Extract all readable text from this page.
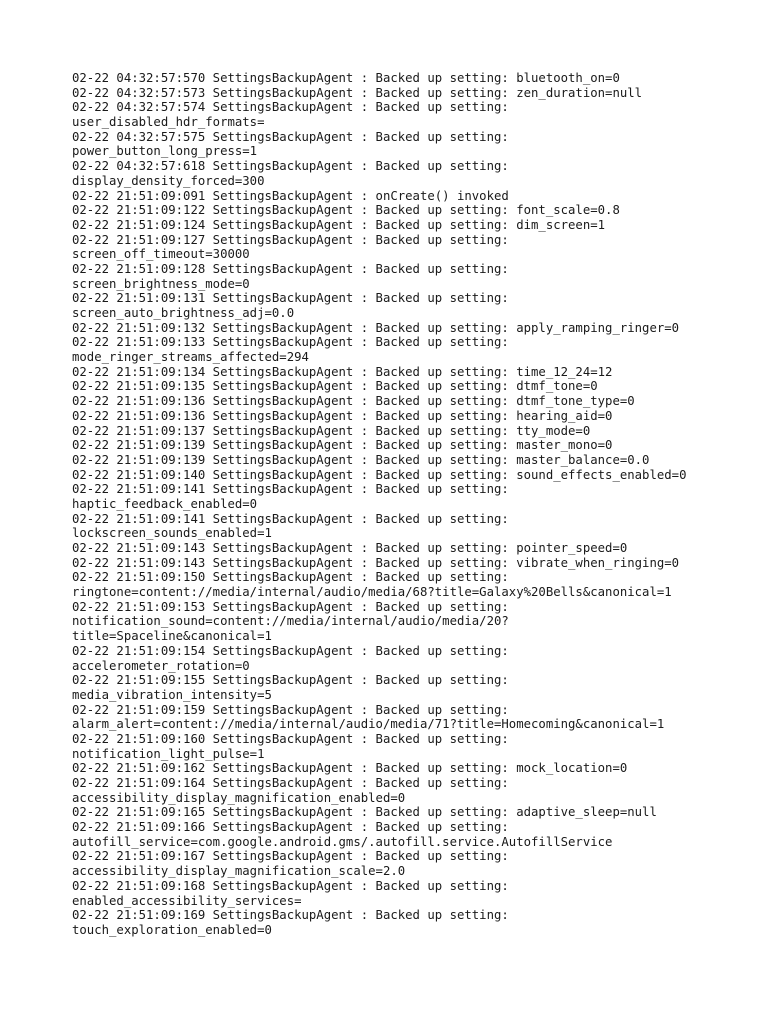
02-22 04:32:57:570 SettingsBackupAgent : Backed up setting: bluetooth_on=0
02-22 04:32:57:573 SettingsBackupAgent : Backed up setting: zen_duration=null
02-22 04:32:57:574 SettingsBackupAgent : Backed up setting:
user_disabled_hdr_formats=
02-22 04:32:57:575 SettingsBackupAgent : Backed up setting:
power_button_long_press=1
02-22 04:32:57:618 SettingsBackupAgent : Backed up setting:
display_density_forced=300
02-22 21:51:09:091 SettingsBackupAgent : onCreate() invoked
02-22 21:51:09:122 SettingsBackupAgent : Backed up setting: font_scale=0.8
02-22 21:51:09:124 SettingsBackupAgent : Backed up setting: dim_screen=1
02-22 21:51:09:127 SettingsBackupAgent : Backed up setting:
screen_off_timeout=30000
02-22 21:51:09:128 SettingsBackupAgent : Backed up setting:
screen_brightness_mode=0
02-22 21:51:09:131 SettingsBackupAgent : Backed up setting:
screen_auto_brightness_adj=0.0
02-22 21:51:09:132 SettingsBackupAgent : Backed up setting: apply_ramping_ringer=0
02-22 21:51:09:133 SettingsBackupAgent : Backed up setting:
mode_ringer_streams_affected=294
02-22 21:51:09:134 SettingsBackupAgent : Backed up setting: time_12_24=12
02-22 21:51:09:135 SettingsBackupAgent : Backed up setting: dtmf_tone=0
02-22 21:51:09:136 SettingsBackupAgent : Backed up setting: dtmf_tone_type=0
02-22 21:51:09:136 SettingsBackupAgent : Backed up setting: hearing_aid=0
02-22 21:51:09:137 SettingsBackupAgent : Backed up setting: tty_mode=0
02-22 21:51:09:139 SettingsBackupAgent : Backed up setting: master_mono=0
02-22 21:51:09:139 SettingsBackupAgent : Backed up setting: master_balance=0.0
02-22 21:51:09:140 SettingsBackupAgent : Backed up setting: sound_effects_enabled=0
02-22 21:51:09:141 SettingsBackupAgent : Backed up setting:
haptic_feedback_enabled=0
02-22 21:51:09:141 SettingsBackupAgent : Backed up setting:
lockscreen_sounds_enabled=1
02-22 21:51:09:143 SettingsBackupAgent : Backed up setting: pointer_speed=0
02-22 21:51:09:143 SettingsBackupAgent : Backed up setting: vibrate_when_ringing=0
02-22 21:51:09:150 SettingsBackupAgent : Backed up setting:
ringtone=content://media/internal/audio/media/68?title=Galaxy%20Bells&canonical=1
02-22 21:51:09:153 SettingsBackupAgent : Backed up setting:
notification_sound=content://media/internal/audio/media/20?
title=Spaceline&canonical=1
02-22 21:51:09:154 SettingsBackupAgent : Backed up setting:
accelerometer_rotation=0
02-22 21:51:09:155 SettingsBackupAgent : Backed up setting:
media_vibration_intensity=5
02-22 21:51:09:159 SettingsBackupAgent : Backed up setting:
alarm_alert=content://media/internal/audio/media/71?title=Homecoming&canonical=1
02-22 21:51:09:160 SettingsBackupAgent : Backed up setting:
notification_light_pulse=1
02-22 21:51:09:162 SettingsBackupAgent : Backed up setting: mock_location=0
02-22 21:51:09:164 SettingsBackupAgent : Backed up setting:
accessibility_display_magnification_enabled=0
02-22 21:51:09:165 SettingsBackupAgent : Backed up setting: adaptive_sleep=null
02-22 21:51:09:166 SettingsBackupAgent : Backed up setting:
autofill_service=com.google.android.gms/.autofill.service.AutofillService
02-22 21:51:09:167 SettingsBackupAgent : Backed up setting:
accessibility_display_magnification_scale=2.0
02-22 21:51:09:168 SettingsBackupAgent : Backed up setting:
enabled_accessibility_services=
02-22 21:51:09:169 SettingsBackupAgent : Backed up setting:
touch_exploration_enabled=0
